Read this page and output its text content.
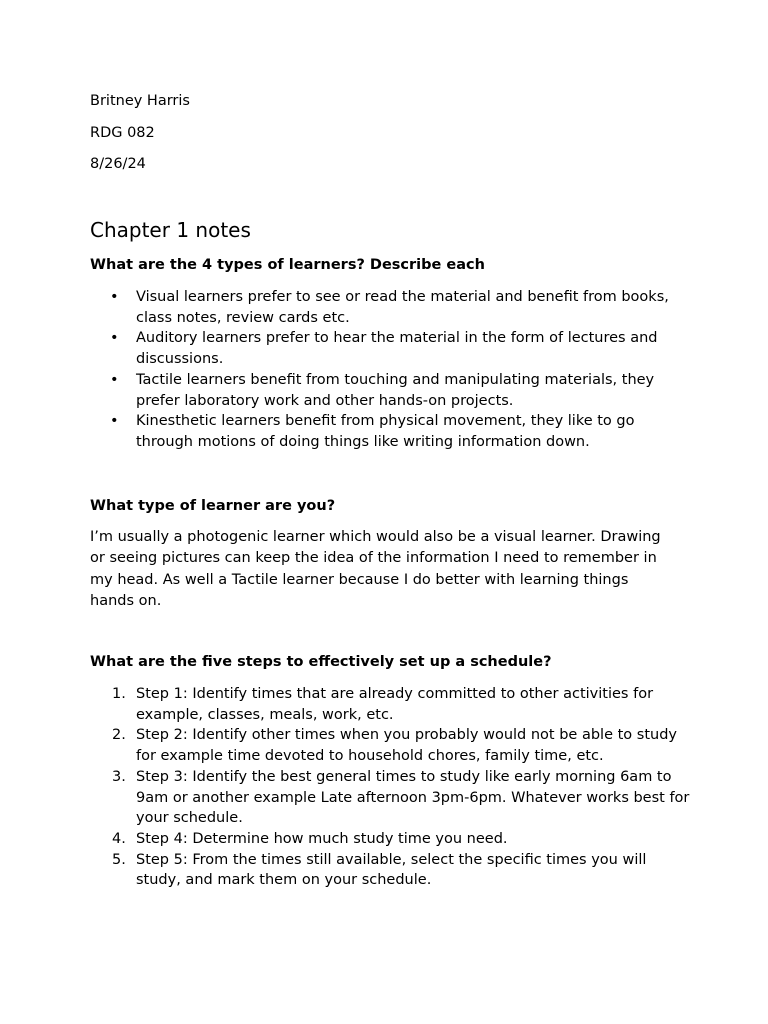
Britney Harris

RDG 082

8/26/24

Chapter 1 notes

What are the 4 types of learners? Describe each

• Visual learners prefer to see or read the material and benefit from books, class notes, review cards etc.
• Auditory learners prefer to hear the material in the form of lectures and discussions.
• Tactile learners benefit from touching and manipulating materials, they prefer laboratory work and other hands-on projects.
• Kinesthetic learners benefit from physical movement, they like to go through motions of doing things like writing information down.

What type of learner are you?

I’m usually a photogenic learner which would also be a visual learner. Drawing or seeing pictures can keep the idea of the information I need to remember in my head. As well a Tactile learner because I do better with learning things hands on.

What are the five steps to effectively set up a schedule?

1. Step 1: Identify times that are already committed to other activities for example, classes, meals, work, etc.
2. Step 2: Identify other times when you probably would not be able to study for example time devoted to household chores, family time, etc.
3. Step 3: Identify the best general times to study like early morning 6am to 9am or another example Late afternoon 3pm-6pm. Whatever works best for your schedule.
4. Step 4: Determine how much study time you need.
5. Step 5: From the times still available, select the specific times you will study, and mark them on your schedule.
